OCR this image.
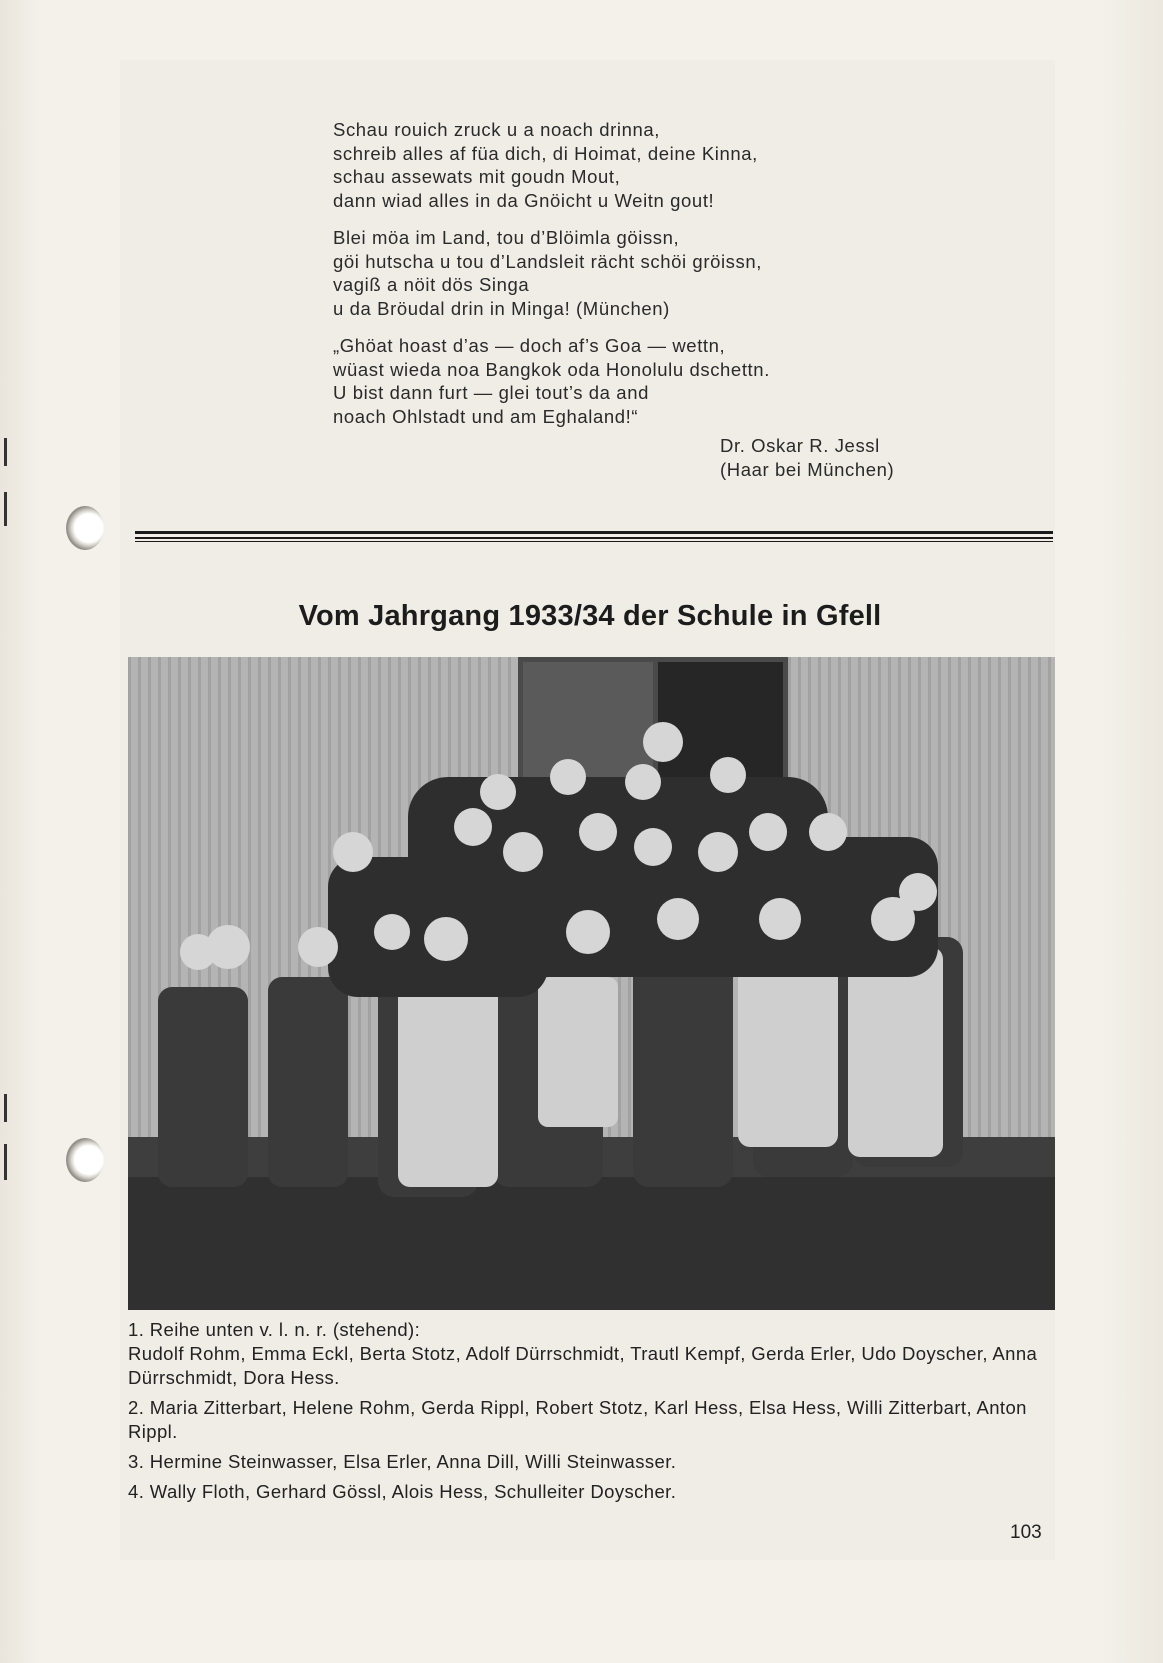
Schau rouich zruck u a noach drinna,
schreib alles af füa dich, di Hoimat, deine Kinna,
schau assewats mit goudn Mout,
dann wiad alles in da Gnöicht u Weitn gout!
Blei möa im Land, tou d’Blöimla göissn,
göi hutscha u tou d’Landsleit rächt schöi gröissn,
vagiß a nöit dös Singa
u da Bröudal drin in Minga! (München)
„Ghöat hoast d’as — doch af’s Goa — wettn,
wüast wieda noa Bangkok oda Honolulu dschettn.
U bist dann furt — glei tout’s da and
noach Ohlstadt und am Eghaland!“
Dr. Oskar R. Jessl
(Haar bei München)
Vom Jahrgang 1933/34 der Schule in Gfell

1. Reihe unten v. l. n. r. (stehend):
Rudolf Rohm, Emma Eckl, Berta Stotz, Adolf Dürrschmidt, Trautl Kempf, Gerda Erler, Udo Doyscher, Anna Dürrschmidt, Dora Hess.

2. Maria Zitterbart, Helene Rohm, Gerda Rippl, Robert Stotz, Karl Hess, Elsa Hess, Willi Zitterbart, Anton Rippl.

3. Hermine Steinwasser, Elsa Erler, Anna Dill, Willi Steinwasser.

4. Wally Floth, Gerhard Gössl, Alois Hess, Schulleiter Doyscher.

103
